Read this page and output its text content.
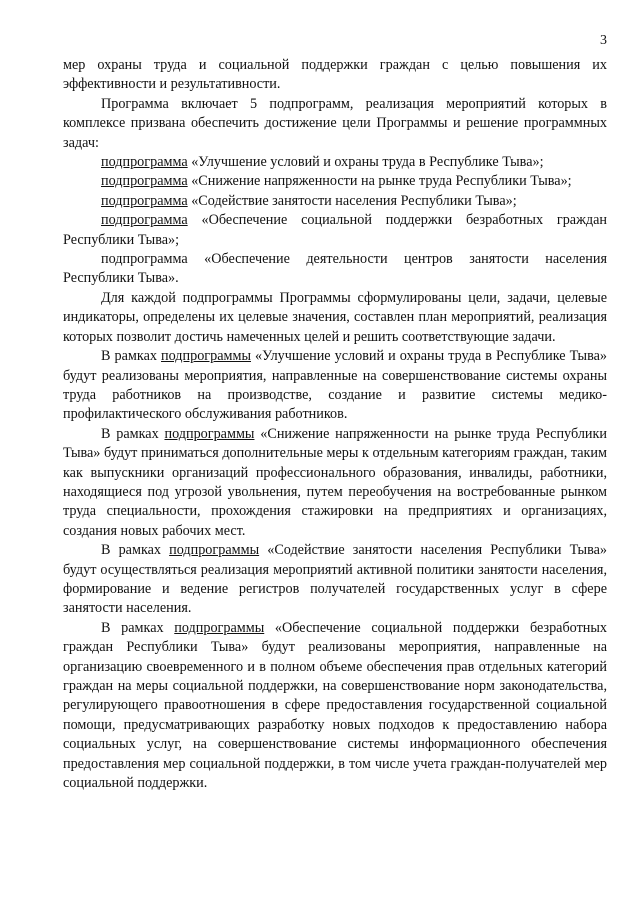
3

мер охраны труда и социальной поддержки граждан с целью повышения их эффективности и результативности.

Программа включает 5 подпрограмм, реализация мероприятий которых в комплексе призвана обеспечить достижение цели Программы и решение программных задач:

подпрограмма «Улучшение условий и охраны труда в Республике Тыва»;

подпрограмма «Снижение напряженности на рынке труда Республики Тыва»;

подпрограмма «Содействие занятости населения Республики Тыва»;

подпрограмма «Обеспечение социальной поддержки безработных граждан Республики Тыва»;

подпрограмма «Обеспечение деятельности центров занятости населения Республики Тыва».

Для каждой подпрограммы Программы сформулированы цели, задачи, целевые индикаторы, определены их целевые значения, составлен план мероприятий, реализация которых позволит достичь намеченных целей и решить соответствующие задачи.

В рамках подпрограммы «Улучшение условий и охраны труда в Республике Тыва» будут реализованы мероприятия, направленные на совершенствование системы охраны труда работников на производстве, создание и развитие системы медико-профилактического обслуживания работников.

В рамках подпрограммы «Снижение напряженности на рынке труда Республики Тыва» будут приниматься дополнительные меры к отдельным категориям граждан, таким как выпускники организаций профессионального образования, инвалиды, работники, находящиеся под угрозой увольнения, путем переобучения на востребованные рынком труда специальности, прохождения стажировки на предприятиях и организациях, создания новых рабочих мест.

В рамках подпрограммы «Содействие занятости населения Республики Тыва» будут осуществляться реализация мероприятий активной политики занятости населения, формирование и ведение регистров получателей государственных услуг в сфере занятости населения.

В рамках подпрограммы «Обеспечение социальной поддержки безработных граждан Республики Тыва» будут реализованы мероприятия, направленные на организацию своевременного и в полном объеме обеспечения прав отдельных категорий граждан на меры социальной поддержки, на совершенствование норм законодательства, регулирующего правоотношения в сфере предоставления государственной социальной помощи, предусматривающих разработку новых подходов к предоставлению набора социальных услуг, на совершенствование системы информационного обеспечения предоставления мер социальной поддержки, в том числе учета граждан-получателей мер социальной поддержки.
